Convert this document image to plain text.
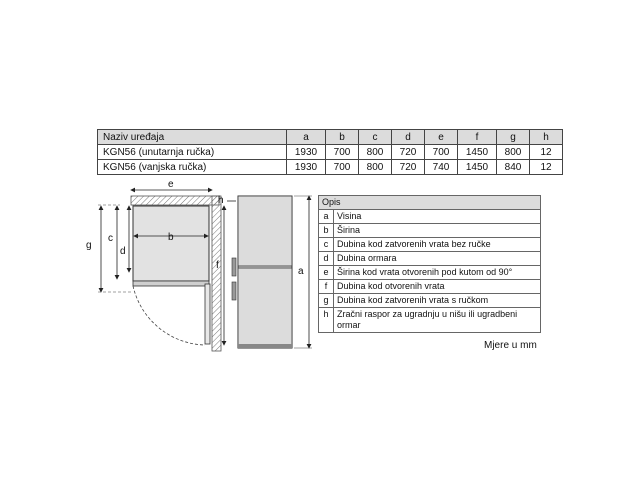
Naziv uređaja	a	b	c	d	e	f	g	h
KGN56 (unutarnja ručka)	1930	700	800	720	700	1450	800	12
KGN56 (vanjska ručka)	1930	700	800	720	740	1450	840	12
e
b
g
c
d
f
h
a
Opis	
a	Visina
b	Širina
c	Dubina kod zatvorenih vrata bez ručke
d	Dubina ormara
e	Širina kod vrata otvorenih pod kutom od 90°
f	Dubina kod otvorenih vrata
g	Dubina kod zatvorenih vrata s ručkom
h	Zračni raspor za ugradnju u nišu ili ugradbeni ormar
Mjere u mm
